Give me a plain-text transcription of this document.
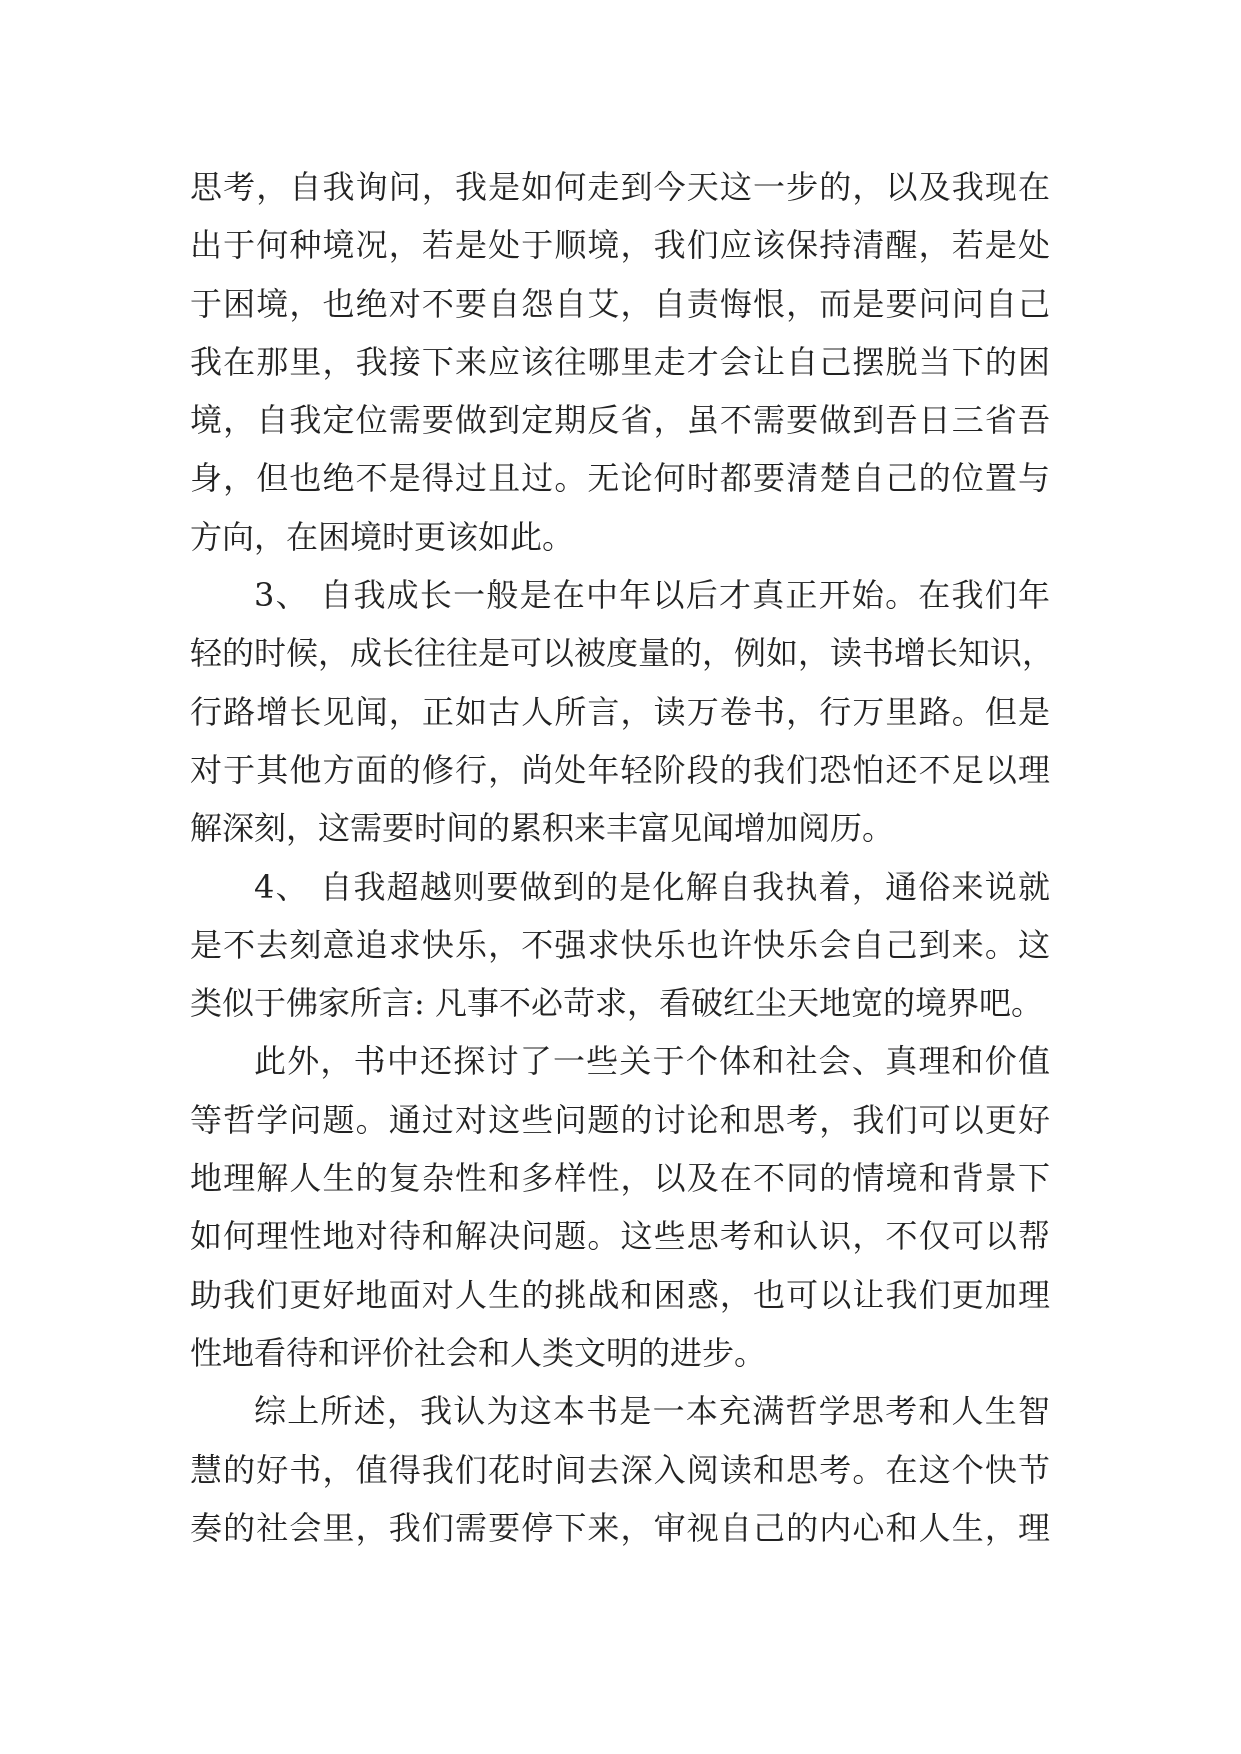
思考，自我询问，我是如何走到今天这一步的，以及我现在
出于何种境况，若是处于顺境，我们应该保持清醒，若是处
于困境，也绝对不要自怨自艾，自责悔恨，而是要问问自己
我在那里，我接下来应该往哪里走才会让自己摆脱当下的困
境，自我定位需要做到定期反省，虽不需要做到吾日三省吾
身，但也绝不是得过且过。无论何时都要清楚自己的位置与
方向，在困境时更该如此。
3、 自我成长一般是在中年以后才真正开始。在我们年
轻的时候，成长往往是可以被度量的，例如，读书增长知识，
行路增长见闻，正如古人所言，读万卷书，行万里路。但是
对于其他方面的修行，尚处年轻阶段的我们恐怕还不足以理
解深刻，这需要时间的累积来丰富见闻增加阅历。
4、 自我超越则要做到的是化解自我执着，通俗来说就
是不去刻意追求快乐，不强求快乐也许快乐会自己到来。这
类似于佛家所言: 凡事不必苛求，看破红尘天地宽的境界吧。
此外，书中还探讨了一些关于个体和社会、真理和价值
等哲学问题。通过对这些问题的讨论和思考，我们可以更好
地理解人生的复杂性和多样性，以及在不同的情境和背景下
如何理性地对待和解决问题。这些思考和认识，不仅可以帮
助我们更好地面对人生的挑战和困惑，也可以让我们更加理
性地看待和评价社会和人类文明的进步。
综上所述，我认为这本书是一本充满哲学思考和人生智
慧的好书，值得我们花时间去深入阅读和思考。在这个快节
奏的社会里，我们需要停下来，审视自己的内心和人生，理
